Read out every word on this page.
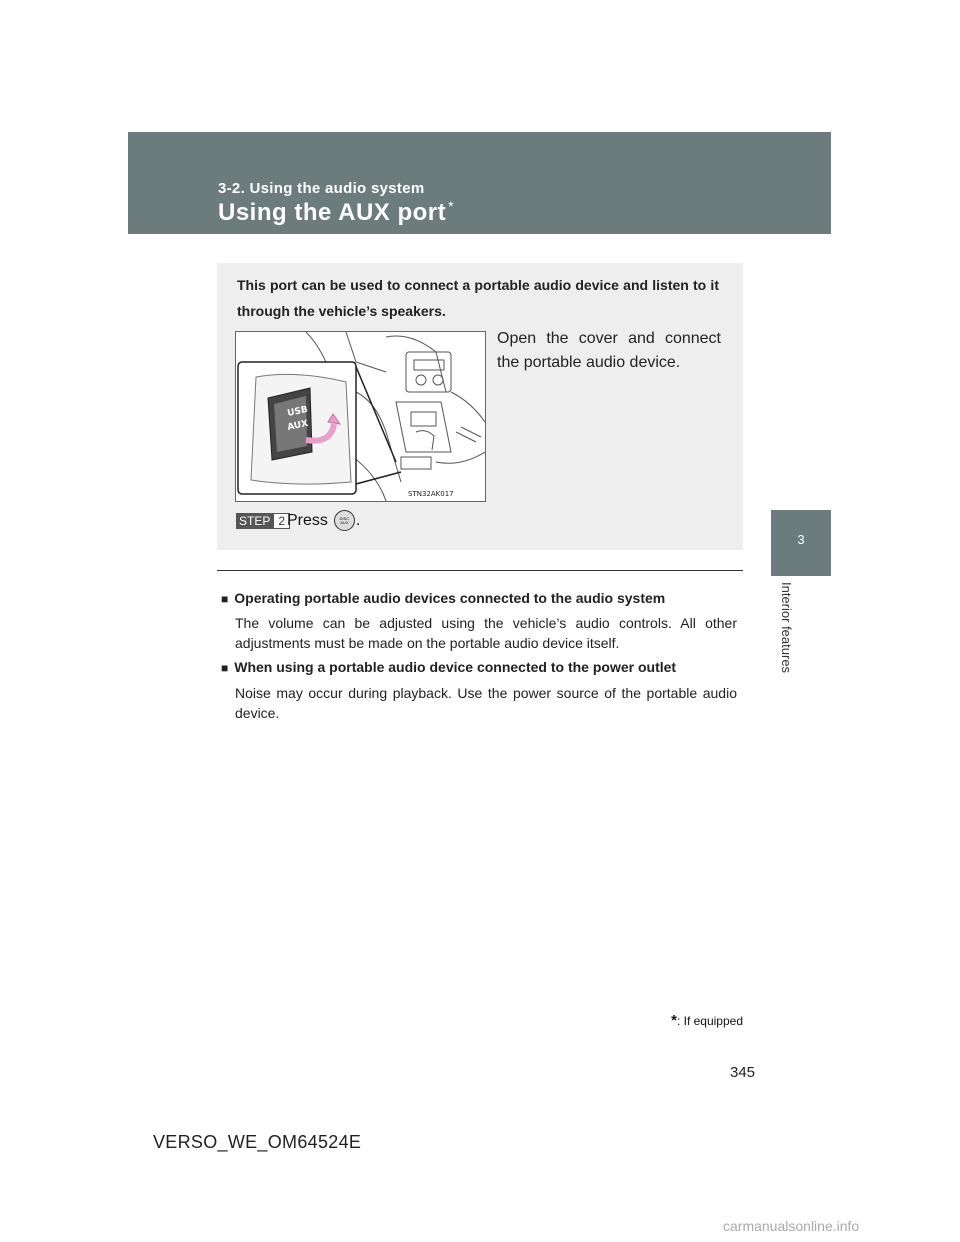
3-2. Using the audio system
Using the AUX port *
3
Interior features
This port can be used to connect a portable audio device and listen to it through the vehicle’s speakers.
USB
AUX
STN32AK017
Open the cover and connect the portable audio device.
STEP 2 Press	DISC
AUX .
■ Operating portable audio devices connected to the audio system
The volume can be adjusted using the vehicle’s audio controls. All other adjustments must be made on the portable audio device itself.
■ When using a portable audio device connected to the power outlet
Noise may occur during playback. Use the power source of the portable audio device.
*: If equipped
345
VERSO_WE_OM64524E
carmanualsonline.info
